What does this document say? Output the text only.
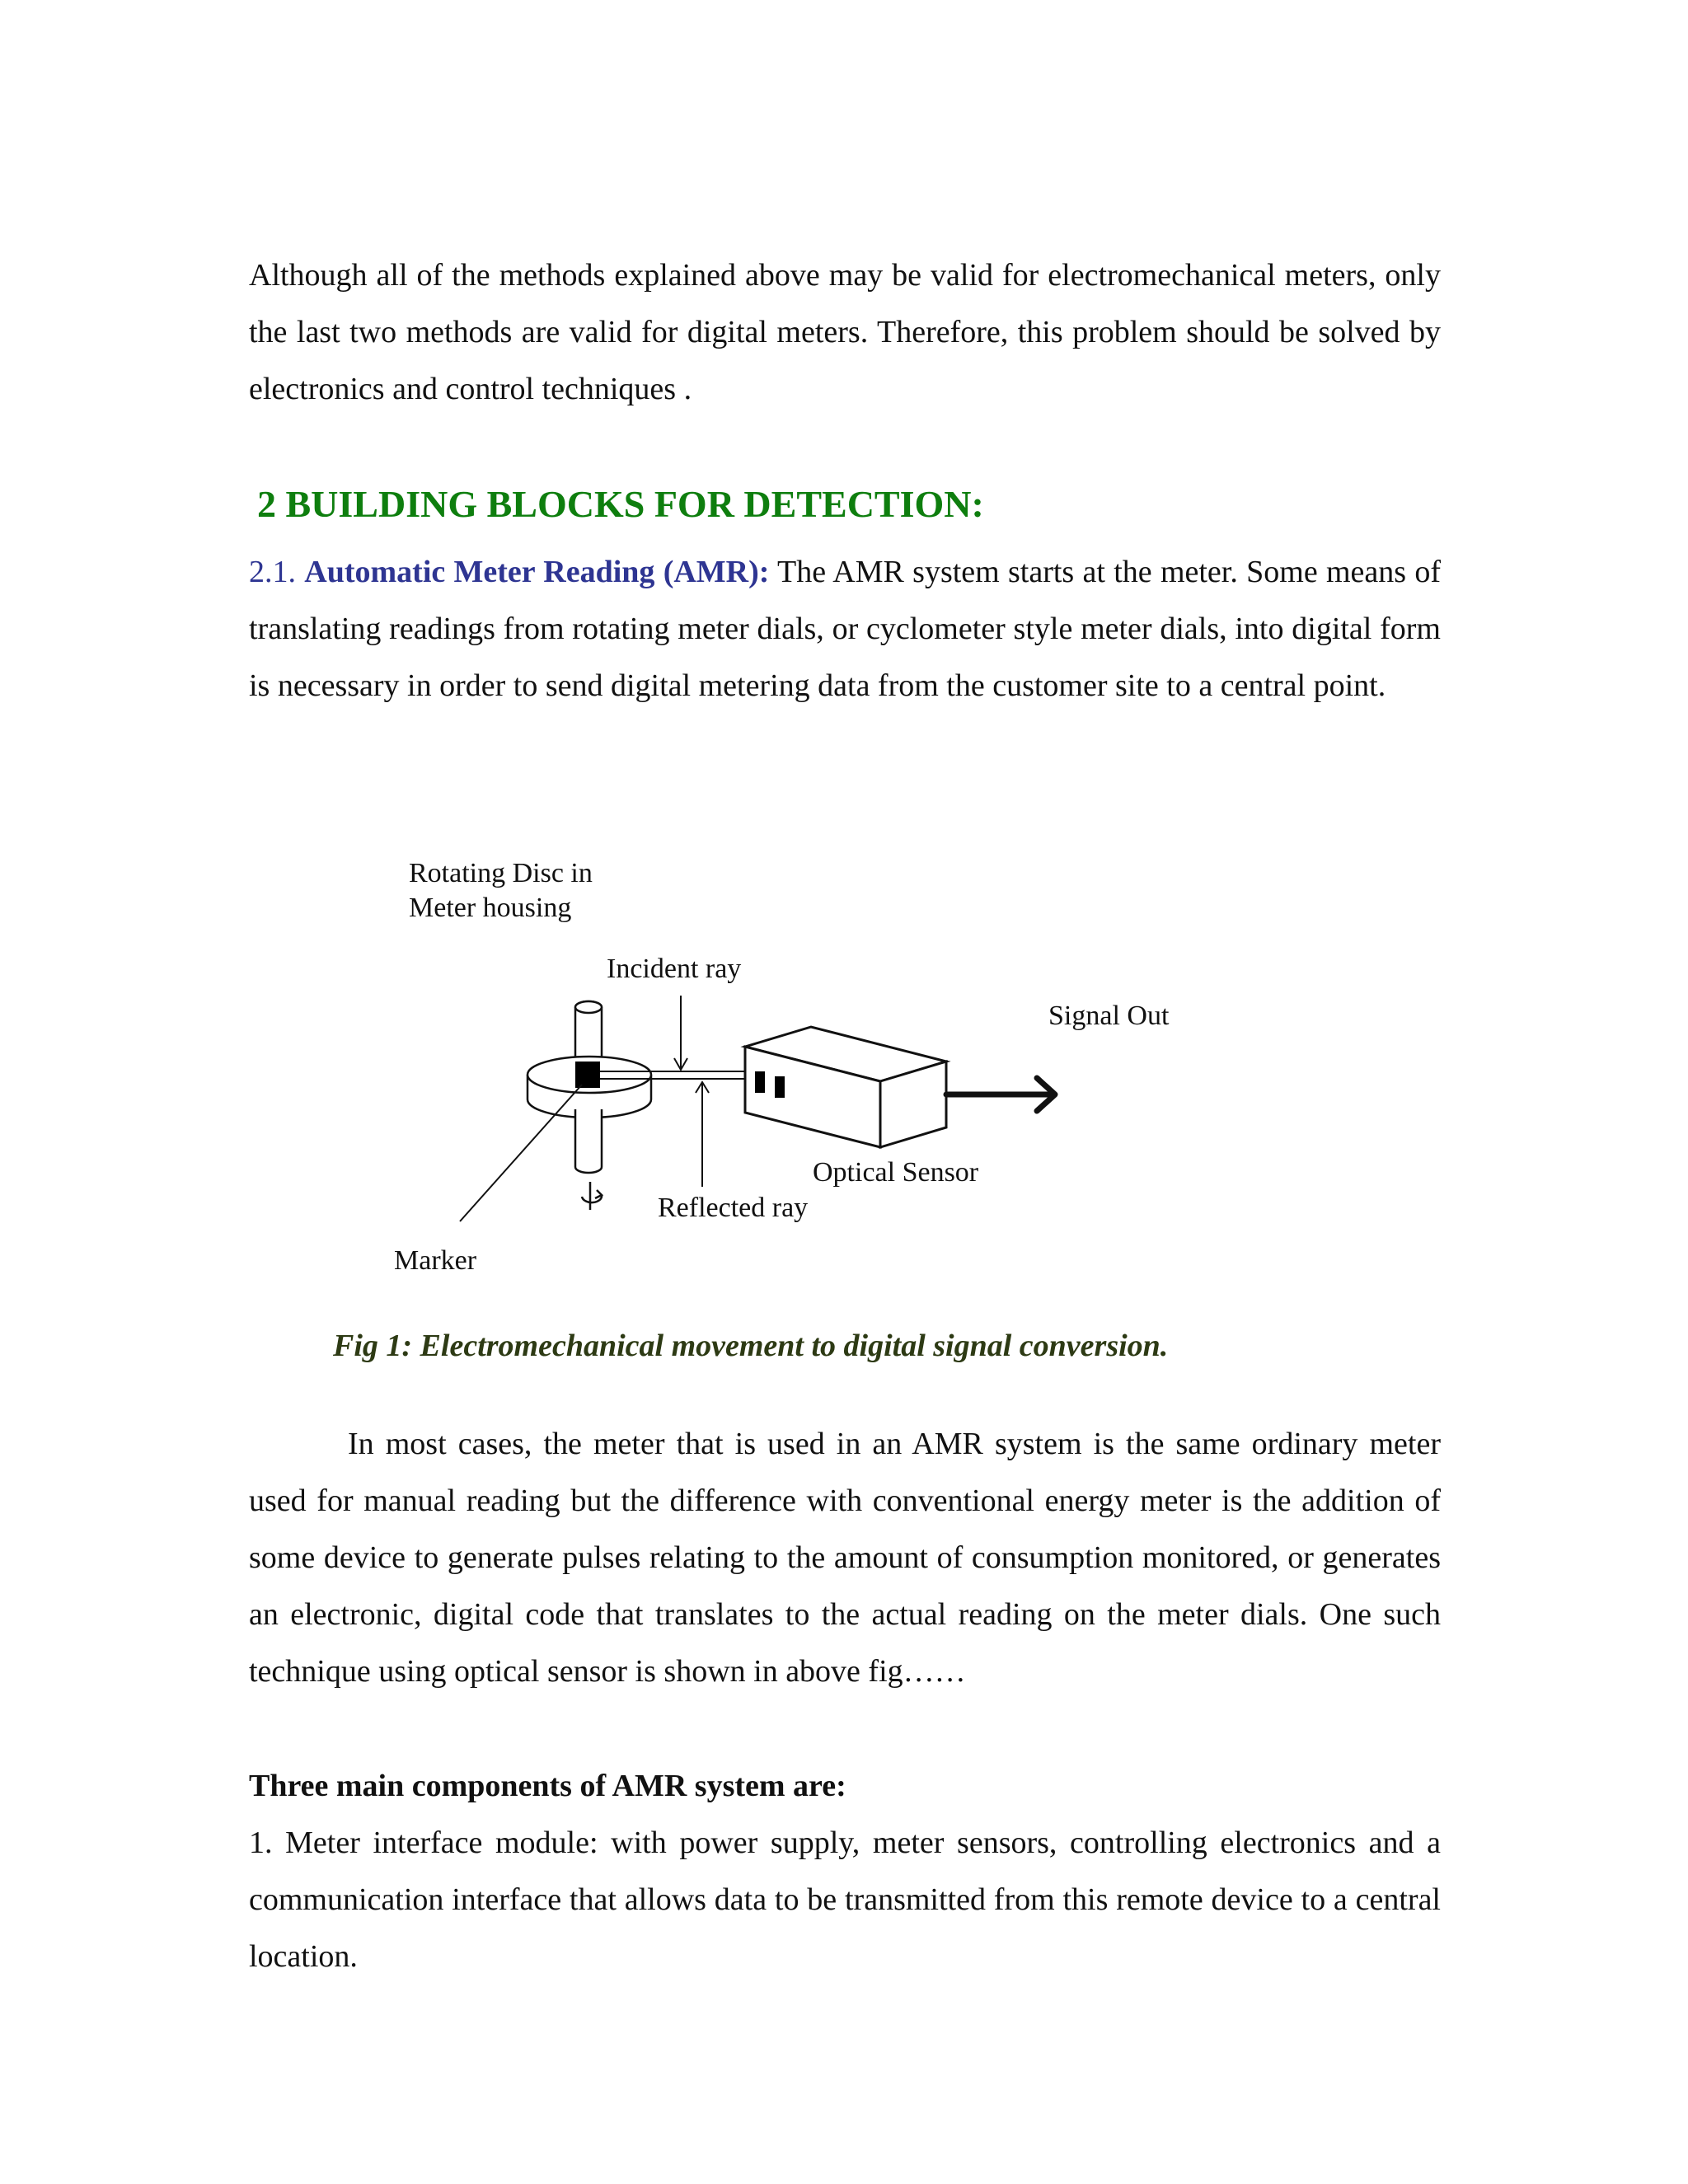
Although all of the methods explained above may be valid for electromechanical meters, only the last two methods are valid for digital meters. Therefore, this problem should be solved by electronics and control techniques .

2 BUILDING BLOCKS FOR DETECTION:

2.1. Automatic Meter Reading (AMR): The AMR system starts at the meter. Some means of translating readings from rotating meter dials, or cyclometer style meter dials, into digital form is necessary in order to send digital metering data from the customer site to a central point.

Rotating Disc in
Meter housing
Incident ray
Signal Out
Optical Sensor
Reflected ray
Marker

Fig 1: Electromechanical movement to digital signal conversion.

In most cases, the meter that is used in an AMR system is the same ordinary meter used for manual reading but the difference with conventional energy meter is the addition of some device to generate pulses relating to the amount of consumption monitored, or generates an electronic, digital code that translates to the actual reading on the meter dials. One such technique using optical sensor is shown in above fig……

Three main components of AMR system are:

1. Meter interface module: with power supply, meter sensors, controlling electronics and a communication interface that allows data to be transmitted from this remote device to a central location.
